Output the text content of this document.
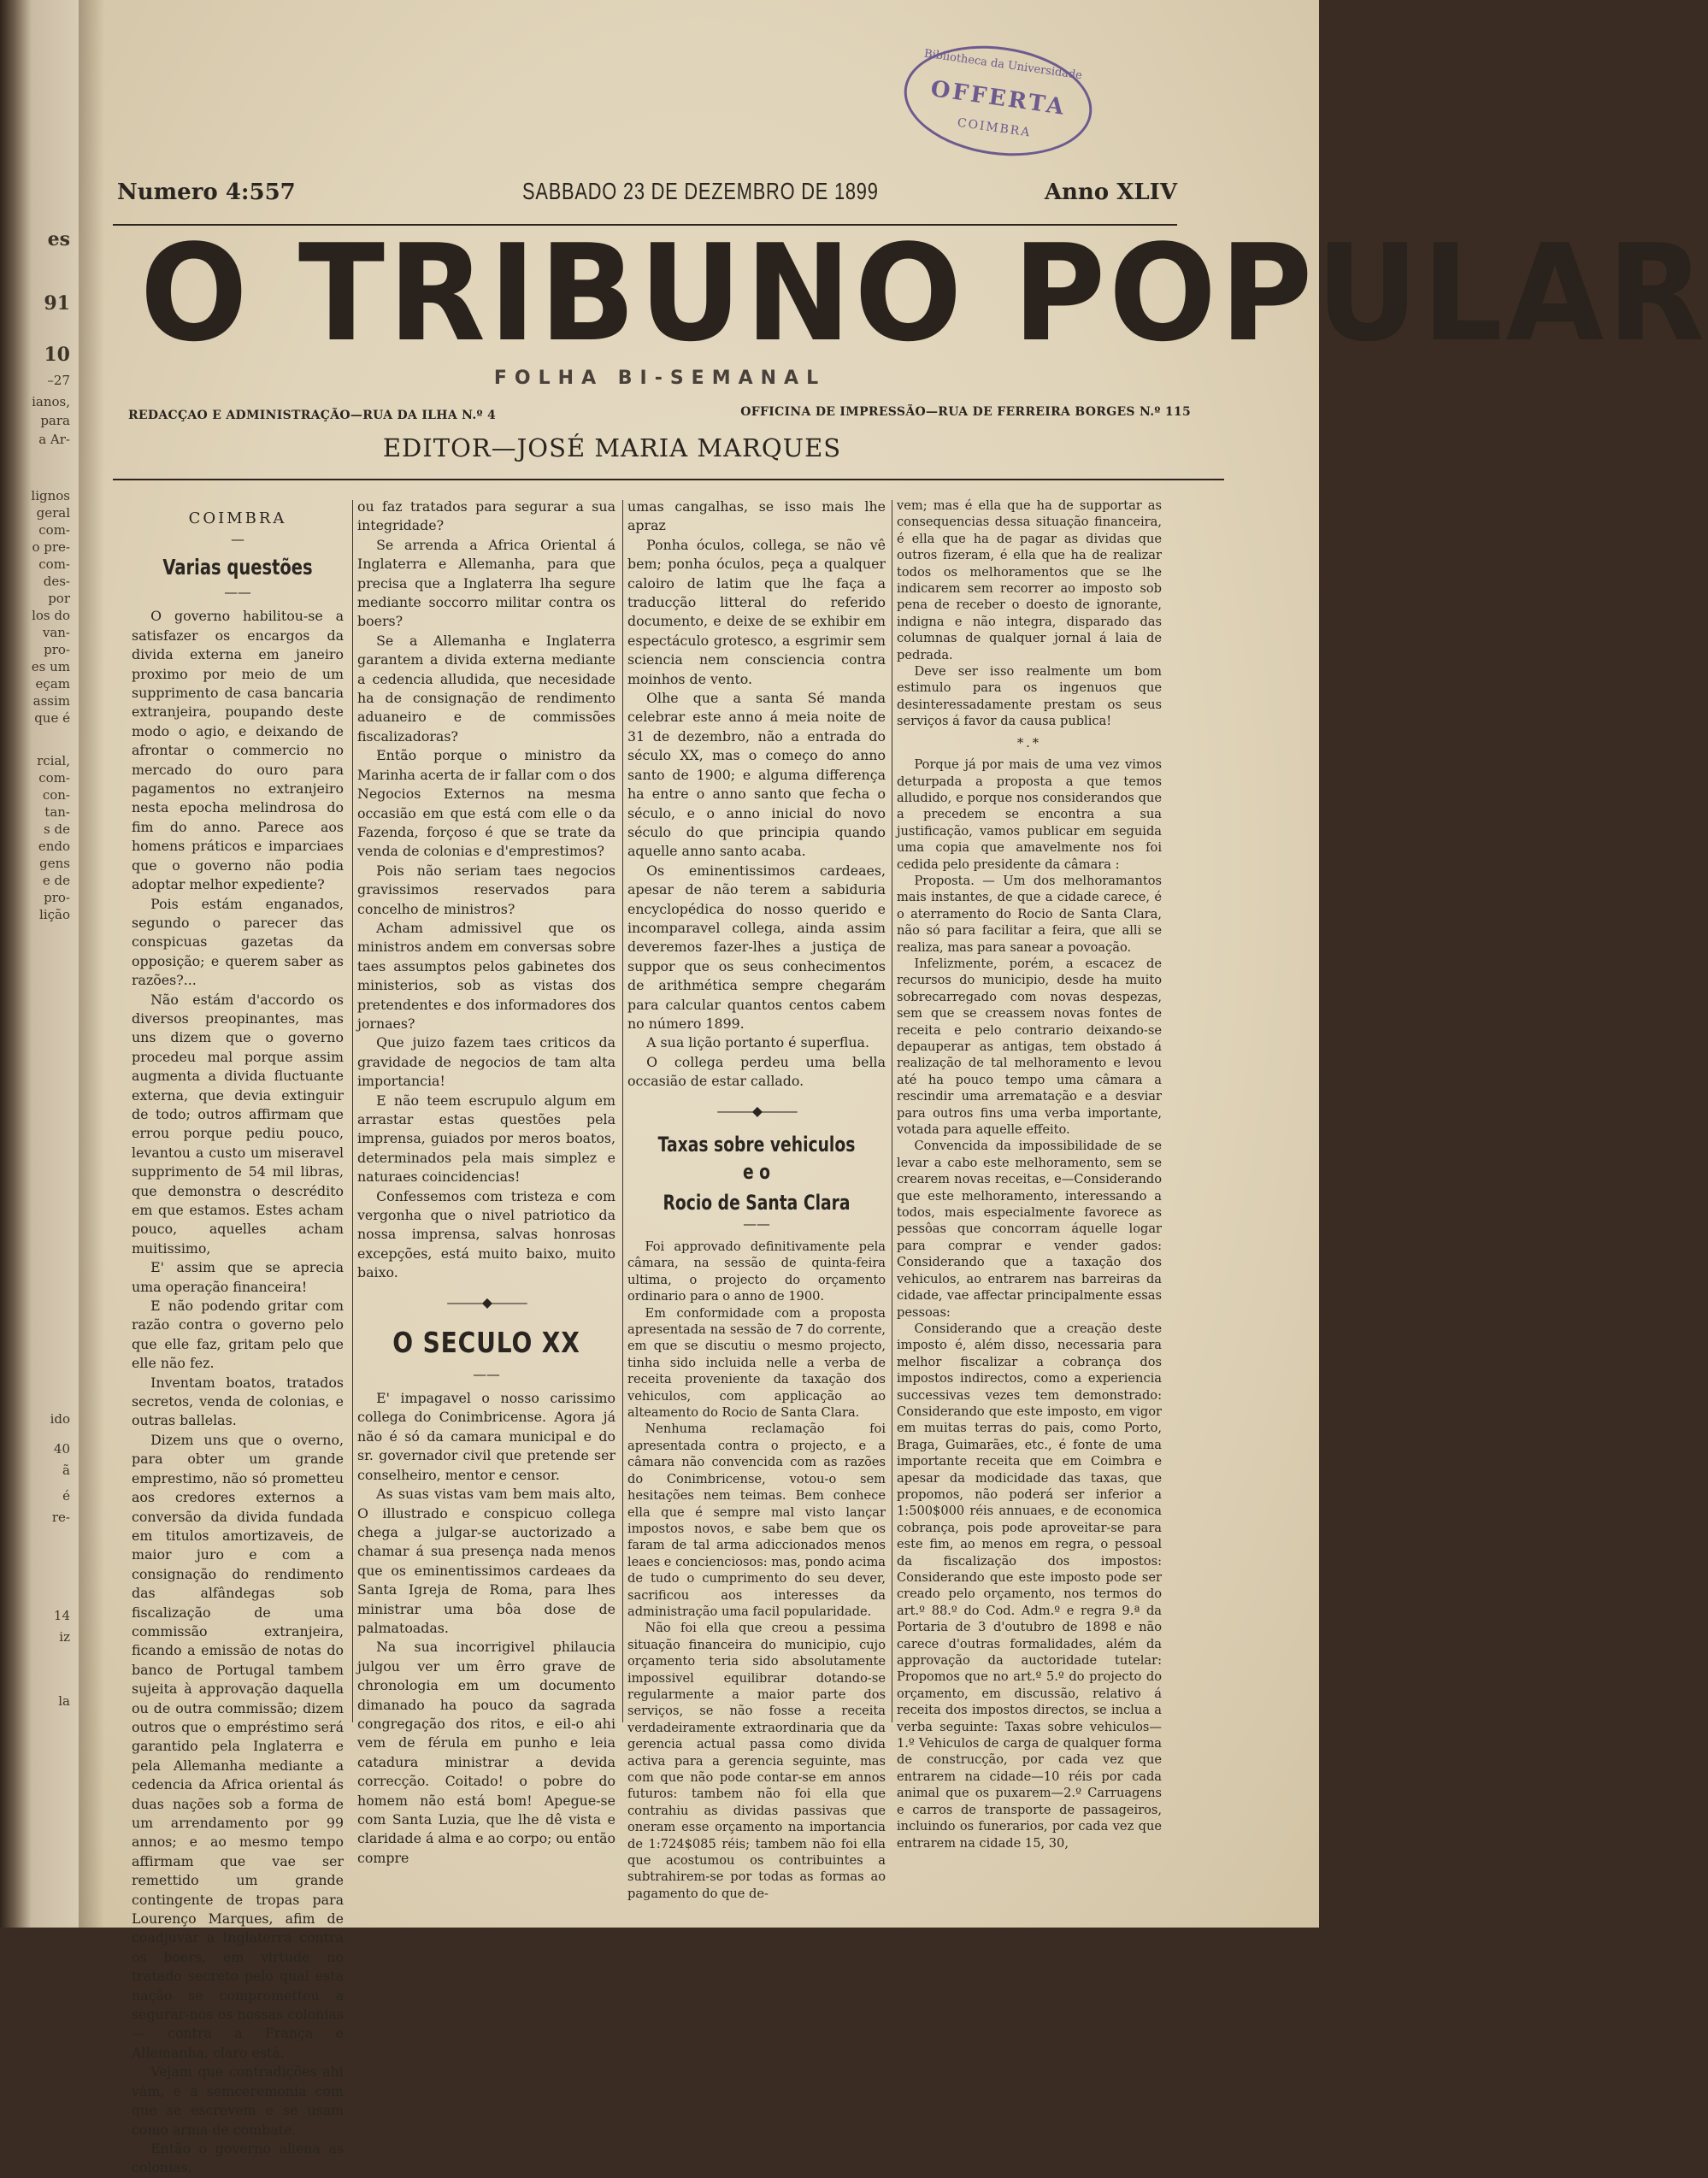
es
91
10
–27
ianos,
para
a Ar-
lignos
geral
com-
o pre-
com-
des-
por
los do
van-
pro-
es um
eçam
assim
que é
rcial,
com-
con-
tan-
s de
endo
gens
e de
pro-
lição
ido
40
ã
é
re-
14
iz
la
Bibliotheca da Universidade
OFFERTA
COIMBRA
Numero 4:557	SABBADO 23 DE DEZEMBRO DE 1899	Anno XLIV
O TRIBUNO POPULAR
FOLHA BI-SEMANAL
REDACÇAO E ADMINISTRAÇÃO—RUA DA ILHA N.º 4	OFFICINA DE IMPRESSÃO—RUA DE FERREIRA BORGES N.º 115
EDITOR—JOSÉ MARIA MARQUES
COIMBRA
—
Varias questões
——

O governo habilitou-se a satisfazer os encargos da divida externa em janeiro proximo por meio de um supprimento de casa bancaria extranjeira, poupando deste modo o agio, e deixando de afrontar o commercio no mercado do ouro para pagamentos no extranjeiro nesta epocha melindrosa do fim do anno. Parece aos homens práticos e imparciaes que o governo não podia adoptar melhor expediente?

Pois estám enganados, segundo o parecer das conspicuas gazetas da opposição; e querem saber as razões?...

Não estám d'accordo os diversos preopinantes, mas uns dizem que o governo procedeu mal porque assim augmenta a divida fluctuante externa, que devia extinguir de todo; outros affirmam que errou porque pediu pouco, levantou a custo um miseravel supprimento de 54 mil libras, que demonstra o descrédito em que estamos. Estes acham pouco, aquelles acham muitissimo,

E' assim que se aprecia uma operação financeira!

E não podendo gritar com razão contra o governo pelo que elle faz, gritam pelo que elle não fez.

Inventam boatos, tratados secretos, venda de colonias, e outras ballelas.

Dizem uns que o overno, para obter um grande emprestimo, não só prometteu aos credores externos a conversão da divida fundada em titulos amortizaveis, de maior juro e com a consignação do rendimento das alfândegas sob fiscalização de uma commissão extranjeira, ficando a emissão de notas do banco de Portugal tambem sujeita à approvação daquella ou de outra commissão; dizem outros que o empréstimo será garantido pela Inglaterra e pela Allemanha mediante a cedencia da Africa oriental ás duas nações sob a forma de um arrendamento por 99 annos; e ao mesmo tempo affirmam que vae ser remettido um grande contingente de tropas para Lourenço Marques, afim de coadjuvar a Inglaterra contra os boers, em virtude no tratado secreto pelo qual esta nação se comprometteu a segurar-nos os nossas colonias— contra a França e Allemanha, claro está.

Vejam que contradições ahi vám, e a semceremonia com que se escrevem e se usam como arma de combate.

Então o governo aliena as colonias,

ou faz tratados para segurar a sua integridade?

Se arrenda a Africa Oriental á Inglaterra e Allemanha, para que precisa que a Inglaterra lha segure mediante soccorro militar contra os boers?

Se a Allemanha e Inglaterra garantem a divida externa mediante a cedencia alludida, que necesidade ha de consignação de rendimento aduaneiro e de commissões fiscalizadoras?

Então porque o ministro da Marinha acerta de ir fallar com o dos Negocios Externos na mesma occasião em que está com elle o da Fazenda, forçoso é que se trate da venda de colonias e d'emprestimos?

Pois não seriam taes negocios gravissimos reservados para concelho de ministros?

Acham admissivel que os ministros andem em conversas sobre taes assumptos pelos gabinetes dos ministerios, sob as vistas dos pretendentes e dos informadores dos jornaes?

Que juizo fazem taes criticos da gravidade de negocios de tam alta importancia!

E não teem escrupulo algum em arrastar estas questões pela imprensa, guiados por meros boatos, determinados pela mais simplez e naturaes coincidencias!

Confessemos com tristeza e com vergonha que o nivel patriotico da nossa imprensa, salvas honrosas excepções, está muito baixo, muito baixo.

———◆———
O SECULO XX
——

E' impagavel o nosso carissimo collega do Conimbricense. Agora já não é só da camara municipal e do sr. governador civil que pretende ser conselheiro, mentor e censor.

As suas vistas vam bem mais alto, O illustrado e conspicuo collega chega a julgar-se auctorizado a chamar á sua presença nada menos que os eminentissimos cardeaes da Santa Igreja de Roma, para lhes ministrar uma bôa dose de palmatoadas.

Na sua incorrigivel philaucia julgou ver um êrro grave de chronologia em um documento dimanado ha pouco da sagrada congregação dos ritos, e eil-o ahi vem de férula em punho e leia catadura ministrar a devida correcção. Coitado! o pobre do homem não está bom! Apegue-se com Santa Luzia, que lhe dê vista e claridade á alma e ao corpo; ou então compre

umas cangalhas, se isso mais lhe apraz

Ponha óculos, collega, se não vê bem; ponha óculos, peça a qualquer caloiro de latim que lhe faça a traducção litteral do referido documento, e deixe de se exhibir em espectáculo grotesco, a esgrimir sem sciencia nem consciencia contra moinhos de vento.

Olhe que a santa Sé manda celebrar este anno á meia noite de 31 de dezembro, não a entrada do século XX, mas o começo do anno santo de 1900; e alguma differença ha entre o anno santo que fecha o século, e o anno inicial do novo século do que principia quando aquelle anno santo acaba.

Os eminentissimos cardeaes, apesar de não terem a sabiduria encyclopédica do nosso querido e incomparavel collega, ainda assim deveremos fazer-lhes a justiça de suppor que os seus conhecimentos de arithmética sempre chegarám para calcular quantos centos cabem no número 1899.

A sua lição portanto é superflua.

O collega perdeu uma bella occasião de estar callado.

———◆———
Taxas sobre vehiculos e o
Rocio de Santa Clara
——

Foi approvado definitivamente pela câmara, na sessão de quinta-feira ultima, o projecto do orçamento ordinario para o anno de 1900.

Em conformidade com a proposta apresentada na sessão de 7 do corrente, em que se discutiu o mesmo projecto, tinha sido incluida nelle a verba de receita proveniente da taxação dos vehiculos, com applicação ao alteamento do Rocio de Santa Clara.

Nenhuma reclamação foi apresentada contra o projecto, e a câmara não convencida com as razões do Conimbricense, votou-o sem hesitações nem teimas. Bem conhece ella que é sempre mal visto lançar impostos novos, e sabe bem que os faram de tal arma adiccionados menos leaes e concienciosos: mas, pondo acima de tudo o cumprimento do seu dever, sacrificou aos interesses da administração uma facil popularidade.

Não foi ella que creou a pessima situação financeira do municipio, cujo orçamento teria sido absolutamente impossivel equilibrar dotando-se regularmente a maior parte dos serviços, se não fosse a receita verdadeiramente extraordinaria que da gerencia actual passa como divida activa para a gerencia seguinte, mas com que não pode contar-se em annos futuros: tambem não foi ella que contrahiu as dividas passivas que oneram esse orçamento na importancia de 1:724$085 réis; tambem não foi ella que acostumou os contribuintes a subtrahirem-se por todas as formas ao pagamento do que de-

vem; mas é ella que ha de supportar as consequencias dessa situação financeira, é ella que ha de pagar as dividas que outros fizeram, é ella que ha de realizar todos os melhoramentos que se lhe indicarem sem recorrer ao imposto sob pena de receber o doesto de ignorante, indigna e não integra, disparado das columnas de qualquer jornal á laia de pedrada.

Deve ser isso realmente um bom estimulo para os ingenuos que desinteressadamente prestam os seus serviços á favor da causa publica!

*.*

Porque já por mais de uma vez vimos deturpada a proposta a que temos alludido, e porque nos considerandos que a precedem se encontra a sua justificação, vamos publicar em seguida uma copia que amavelmente nos foi cedida pelo presidente da câmara :

Proposta. — Um dos melhoramantos mais instantes, de que a cidade carece, é o aterramento do Rocio de Santa Clara, não só para facilitar a feira, que alli se realiza, mas para sanear a povoação.

Infelizmente, porém, a escacez de recursos do municipio, desde ha muito sobrecarregado com novas despezas, sem que se creassem novas fontes de receita e pelo contrario deixando-se depauperar as antigas, tem obstado á realização de tal melhoramento e levou até ha pouco tempo uma câmara a rescindir uma arrematação e a desviar para outros fins uma verba importante, votada para aquelle effeito.

Convencida da impossibilidade de se levar a cabo este melhoramento, sem se crearem novas receitas, e—Considerando que este melhoramento, interessando a todos, mais especialmente favorece as pessôas que concorram áquelle logar para comprar e vender gados: Considerando que a taxação dos vehiculos, ao entrarem nas barreiras da cidade, vae affectar principalmente essas pessoas:

Considerando que a creação deste imposto é, além disso, necessaria para melhor fiscalizar a cobrança dos impostos indirectos, como a experiencia successivas vezes tem demonstrado: Considerando que este imposto, em vigor em muitas terras do pais, como Porto, Braga, Guimarães, etc., é fonte de uma importante receita que em Coimbra e apesar da modicidade das taxas, que propomos, não poderá ser inferior a 1:500$000 réis annuaes, e de economica cobrança, pois pode aproveitar-se para este fim, ao menos em regra, o pessoal da fiscalização dos impostos: Considerando que este imposto pode ser creado pelo orçamento, nos termos do art.º 88.º do Cod. Adm.º e regra 9.ª da Portaria de 3 d'outubro de 1898 e não carece d'outras formalidades, além da approvação da auctoridade tutelar: Propomos que no art.º 5.º do projecto do orçamento, em discussão, relativo á receita dos impostos directos, se inclua a verba seguinte: Taxas sobre vehiculos— 1.º Vehiculos de carga de qualquer forma de construcção, por cada vez que entrarem na cidade—10 réis por cada animal que os puxarem—2.º Carruagens e carros de transporte de passageiros, incluindo os funerarios, por cada vez que entrarem na cidade 15, 30,
